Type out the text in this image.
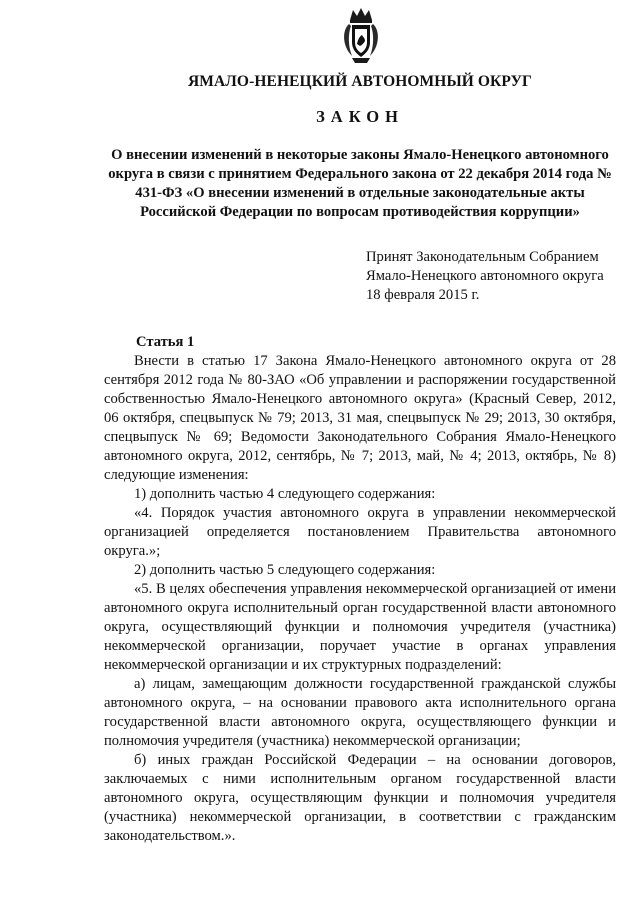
ЯМАЛО-НЕНЕЦКИЙ АВТОНОМНЫЙ ОКРУГ
ЗАКОН
О внесении изменений в некоторые законы Ямало-Ненецкого автономного округа в связи с принятием Федерального закона от 22 декабря 2014 года № 431-ФЗ «О внесении изменений в отдельные законодательные акты Российской Федерации по вопросам противодействия коррупции»
Принят Законодательным Собранием
Ямало-Ненецкого автономного округа
18 февраля 2015 г.
Статья 1

Внести в статью 17 Закона Ямало-Ненецкого автономного округа от 28 сентября 2012 года № 80-ЗАО «Об управлении и распоряжении государственной собственностью Ямало-Ненецкого автономного округа» (Красный Север, 2012, 06 октября, спецвыпуск № 79; 2013, 31 мая, спецвыпуск № 29; 2013, 30 октября, спецвыпуск № 69; Ведомости Законодательного Собрания Ямало-Ненецкого автономного округа, 2012, сентябрь, № 7; 2013, май, № 4; 2013, октябрь, № 8) следующие изменения:

1) дополнить частью 4 следующего содержания:

«4. Порядок участия автономного округа в управлении некоммерческой организацией определяется постановлением Правительства автономного округа.»;

2) дополнить частью 5 следующего содержания:

«5. В целях обеспечения управления некоммерческой организацией от имени автономного округа исполнительный орган государственной власти автономного округа, осуществляющий функции и полномочия учредителя (участника) некоммерческой организации, поручает участие в органах управления некоммерческой организации и их структурных подразделений:

а) лицам, замещающим должности государственной гражданской службы автономного округа, – на основании правового акта исполнительного органа государственной власти автономного округа, осуществляющего функции и полномочия учредителя (участника) некоммерческой организации;

б) иных граждан Российской Федерации – на основании договоров, заключаемых с ними исполнительным органом государственной власти автономного округа, осуществляющим функции и полномочия учредителя (участника) некоммерческой организации, в соответствии с гражданским законодательством.».
